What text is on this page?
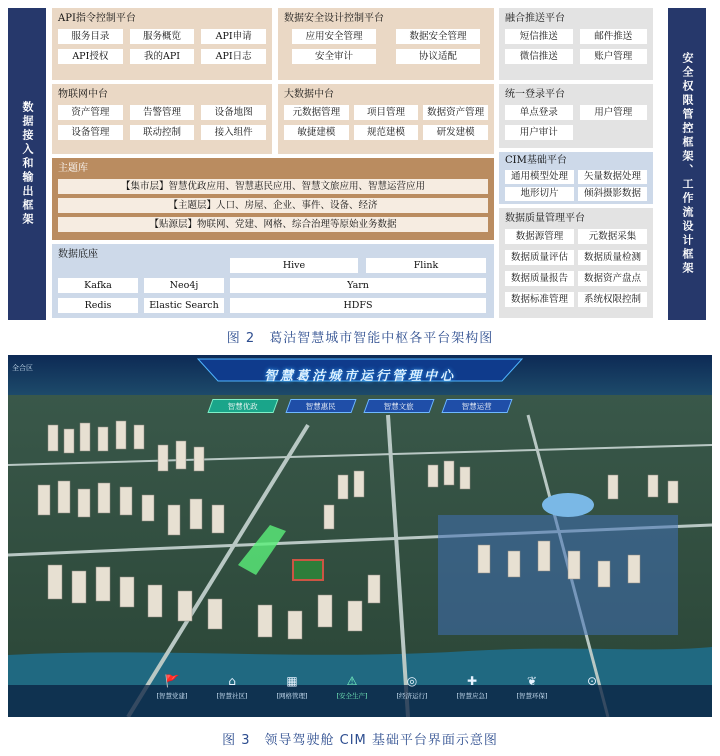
数据接入和输出框架	安全权限管控框架、工作流设计框架
API指令控制平台
服务目录	服务概览	API申请
API授权	我的API	API日志
数据安全设计控制平台
应用安全管理	数据安全管理
安全审计	协议适配
融合推送平台
短信推送	邮件推送
微信推送	账户管理
物联网中台
资产管理	告警管理	设备地图
设备管理	联动控制	接入组件
大数据中台
元数据管理	项目管理	数据资产管理
敏捷建模	规范建模	研发建模
统一登录平台
单点登录	用户管理
用户审计
主题库
【集市层】智慧优政应用、智慧惠民应用、智慧文旅应用、智慧运营应用
【主题层】人口、房屋、企业、事件、设备、经济
【贴源层】物联网、党建、网格、综合治理等原始业务数据
CIM基础平台
通用模型处理	矢量数据处理
地形切片	倾斜摄影数据
数据质量管理平台
数据源管理	元数据采集
数据质量评估	数据质量检测
数据质量报告	数据资产盘点
数据标准管理	系统权限控制
数据底座
Hive	Flink
Kafka	Neo4j	Yarn
Redis	Elastic Search	HDFS
图 2　葛沽智慧城市智能中枢各平台架构图
全合区
智慧葛沽城市运行管理中心
智慧优政	智慧惠民	智慧文旅	智慧运营
🚩
[智慧党建]
⌂
[智慧社区]
▦
[网格管理]
⚠
[安全生产]
◎
[经济运行]
✚
[智慧应急]
❦
[智慧环保]
⊙
图 3　领导驾驶舱 CIM 基础平台界面示意图
